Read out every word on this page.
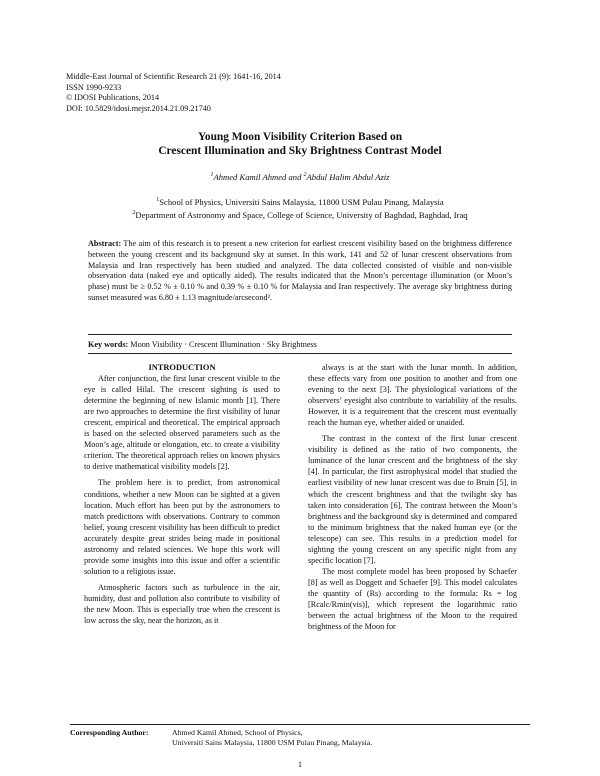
Middle-East Journal of Scientific Research 21 (9): 1641-16, 2014
ISSN 1990-9233
© IDOSI Publications, 2014
DOI: 10.5829/idosi.mejsr.2014.21.09.21740
Young Moon Visibility Criterion Based on
Crescent Illumination and Sky Brightness Contrast Model
$^1$Ahmed Kamil Ahmed and $^2$Abdul Halim Abdul Aziz
$^1$School of Physics, Universiti Sains Malaysia, 11800 USM Pulau Pinang, Malaysia
$^2$Department of Astronomy and Space, College of Science, University of Baghdad, Baghdad, Iraq
Abstract: The aim of this research is to present a new criterion for earliest crescent visibility based on the brightness difference between the young crescent and its background sky at sunset. In this work, 141 and 52 of lunar crescent observations from Malaysia and Iran respectively has been studied and analyzed. The data collected consisted of visible and non-visible observation data (naked eye and optically aided). The results indicated that the Moon’s percentage illumination (or Moon’s phase) must be ≥ 0.52 % ± 0.10 % and 0.39 % ± 0.10 % for Malaysia and Iran respectively. The average sky brightness during sunset measured was 6.80 ± 1.13 magnitude/arcsecond².
Key words: Moon Visibility · Crescent Illumination · Sky Brightness

INTRODUCTION

After conjunction, the first lunar crescent visible to the eye is called Hilal. The crescent sighting is used to determine the beginning of new Islamic month [1]. There are two approaches to determine the first visibility of lunar crescent, empirical and theoretical. The empirical approach is based on the selected observed parameters such as the Moon’s age, altitude or elongation, etc. to create a visibility criterion. The theoretical approach relies on known physics to derive mathematical visibility models [2].

The problem here is to predict, from astronomical conditions, whether a new Moon can be sighted at a given location. Much effort has been put by the astronomers to match predictions with observations. Contrary to common belief, young crescent visibility has been difficult to predict accurately despite great strides being made in positional astronomy and related sciences. We hope this work will provide some insights into this issue and offer a scientific solution to a religious issue.

Atmospheric factors such as turbulence in the air, humidity, dust and pollution also contribute to visibility of the new Moon. This is especially true when the crescent is low across the sky, near the horizon, as it

always is at the start with the lunar month. In addition, these effects vary from one position to another and from one evening to the next [3]. The physiological variations of the observers’ eyesight also contribute to variability of the results. However, it is a requirement that the crescent must eventually reach the human eye, whether aided or unaided.

The contrast in the context of the first lunar crescent visibility is defined as the ratio of two components, the luminance of the lunar crescent and the brightness of the sky [4]. In particular, the first astrophysical model that studied the earliest visibility of new lunar crescent was due to Bruin [5], in which the crescent brightness and that the twilight sky has taken into consideration [6]. The contrast between the Moon’s brightness and the background sky is determined and compared to the minimum brightness that the naked human eye (or the telescope) can see. This results in a prediction model for sighting the young crescent on any specific night from any specific location [7].

The most complete model has been proposed by Schaefer [8] as well as Doggett and Schaefer [9]. This model calculates the quantity of (Rs) according to the formula: Rs = log [Rcalc/Rmin(vis)], which represent the logarithmic ratio between the actual brightness of the Moon to the required brightness of the Moon for

Corresponding Author:	Ahmed Kamil Ahmed, School of Physics,
Universiti Sains Malaysia, 11800 USM Pulau Pinang, Malaysia.
1
